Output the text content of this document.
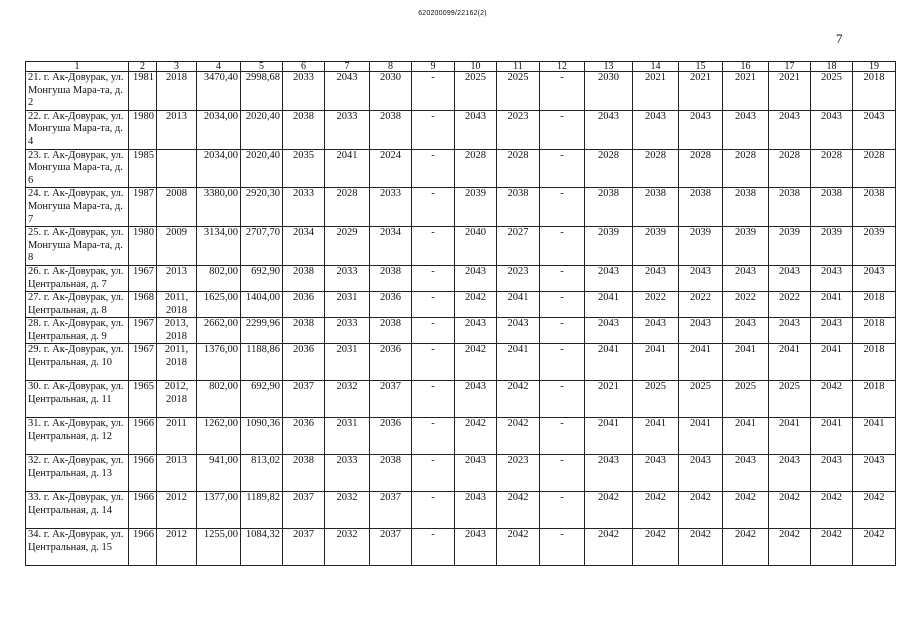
620200099/22162(2)
7
1	2	3	4	5	6	7	8	9	10	11	12	13	14	15	16	17	18	19
21. г. Ак-Довурак, ул. Монгуша Мара-та, д. 2	1981	2018	3470,40	2998,68	2033	2043	2030	-	2025	2025	-	2030	2021	2021	2021	2021	2025	2018
22. г. Ак-Довурак, ул. Монгуша Мара-та, д. 4	1980	2013	2034,00	2020,40	2038	2033	2038	-	2043	2023	-	2043	2043	2043	2043	2043	2043	2043
23. г. Ак-Довурак, ул. Монгуша Мара-та, д. 6	1985		2034,00	2020,40	2035	2041	2024	-	2028	2028	-	2028	2028	2028	2028	2028	2028	2028
24. г. Ак-Довурак, ул. Монгуша Мара-та, д. 7	1987	2008	3380,00	2920,30	2033	2028	2033	-	2039	2038	-	2038	2038	2038	2038	2038	2038	2038
25. г. Ак-Довурак, ул. Монгуша Мара-та, д. 8	1980	2009	3134,00	2707,70	2034	2029	2034	-	2040	2027	-	2039	2039	2039	2039	2039	2039	2039
26. г. Ак-Довурак, ул. Центральная, д. 7	1967	2013	802,00	692,90	2038	2033	2038	-	2043	2023	-	2043	2043	2043	2043	2043	2043	2043
27. г. Ак-Довурак, ул. Центральная, д. 8	1968	2011, 2018	1625,00	1404,00	2036	2031	2036	-	2042	2041	-	2041	2022	2022	2022	2022	2041	2018
28. г. Ак-Довурак, ул. Центральная, д. 9	1967	2013, 2018	2662,00	2299,96	2038	2033	2038	-	2043	2043	-	2043	2043	2043	2043	2043	2043	2018
29. г. Ак-Довурак, ул. Центральная, д. 10	1967	2011, 2018	1376,00	1188,86	2036	2031	2036	-	2042	2041	-	2041	2041	2041	2041	2041	2041	2018
30. г. Ак-Довурак, ул. Центральная, д. 11	1965	2012, 2018	802,00	692,90	2037	2032	2037	-	2043	2042	-	2021	2025	2025	2025	2025	2042	2018
31. г. Ак-Довурак, ул. Центральная, д. 12	1966	2011	1262,00	1090,36	2036	2031	2036	-	2042	2042	-	2041	2041	2041	2041	2041	2041	2041
32. г. Ак-Довурак, ул. Центральная, д. 13	1966	2013	941,00	813,02	2038	2033	2038	-	2043	2023	-	2043	2043	2043	2043	2043	2043	2043
33. г. Ак-Довурак, ул. Центральная, д. 14	1966	2012	1377,00	1189,82	2037	2032	2037	-	2043	2042	-	2042	2042	2042	2042	2042	2042	2042
34. г. Ак-Довурак, ул. Центральная, д. 15	1966	2012	1255,00	1084,32	2037	2032	2037	-	2043	2042	-	2042	2042	2042	2042	2042	2042	2042
